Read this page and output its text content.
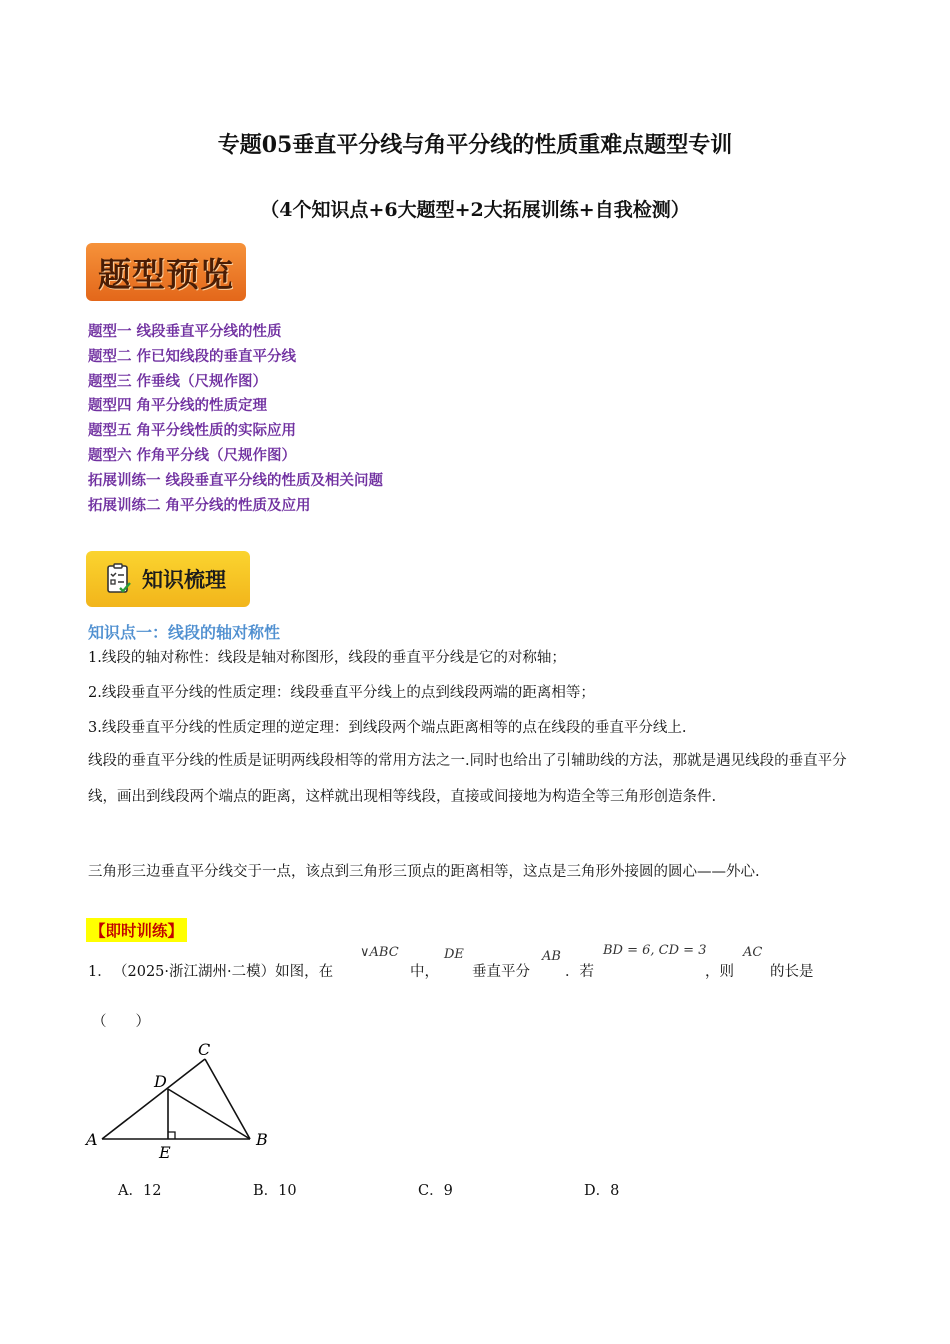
专题05垂直平分线与角平分线的性质重难点题型专训
（4个知识点+6大题型+2大拓展训练+自我检测）
题型预览
题型一 线段垂直平分线的性质
题型二 作已知线段的垂直平分线
题型三 作垂线（尺规作图）
题型四 角平分线的性质定理
题型五 角平分线性质的实际应用
题型六 作角平分线（尺规作图）
拓展训练一 线段垂直平分线的性质及相关问题
拓展训练二 角平分线的性质及应用
知识梳理
知识点一：线段的轴对称性
1.线段的轴对称性：线段是轴对称图形，线段的垂直平分线是它的对称轴；
2.线段垂直平分线的性质定理：线段垂直平分线上的点到线段两端的距离相等；
3.线段垂直平分线的性质定理的逆定理：到线段两个端点距离相等的点在线段的垂直平分线上.
线段的垂直平分线的性质是证明两线段相等的常用方法之一.同时也给出了引辅助线的方法，那就是遇见线段的垂直平分线，画出到线段两个端点的距离，这样就出现相等线段，直接或间接地为构造全等三角形创造条件.
三角形三边垂直平分线交于一点，该点到三角形三顶点的距离相等，这点是三角形外接圆的圆心——外心.
【即时训练】
1． （2025·浙江湖州·二模）如图，在
∨ABC
中，
DE
垂直平分
AB
．若
BD = 6, CD = 3
，则
AC
的长是
（　　）
A	B
C
D
E
A．12	B．10	C．9	D．8
